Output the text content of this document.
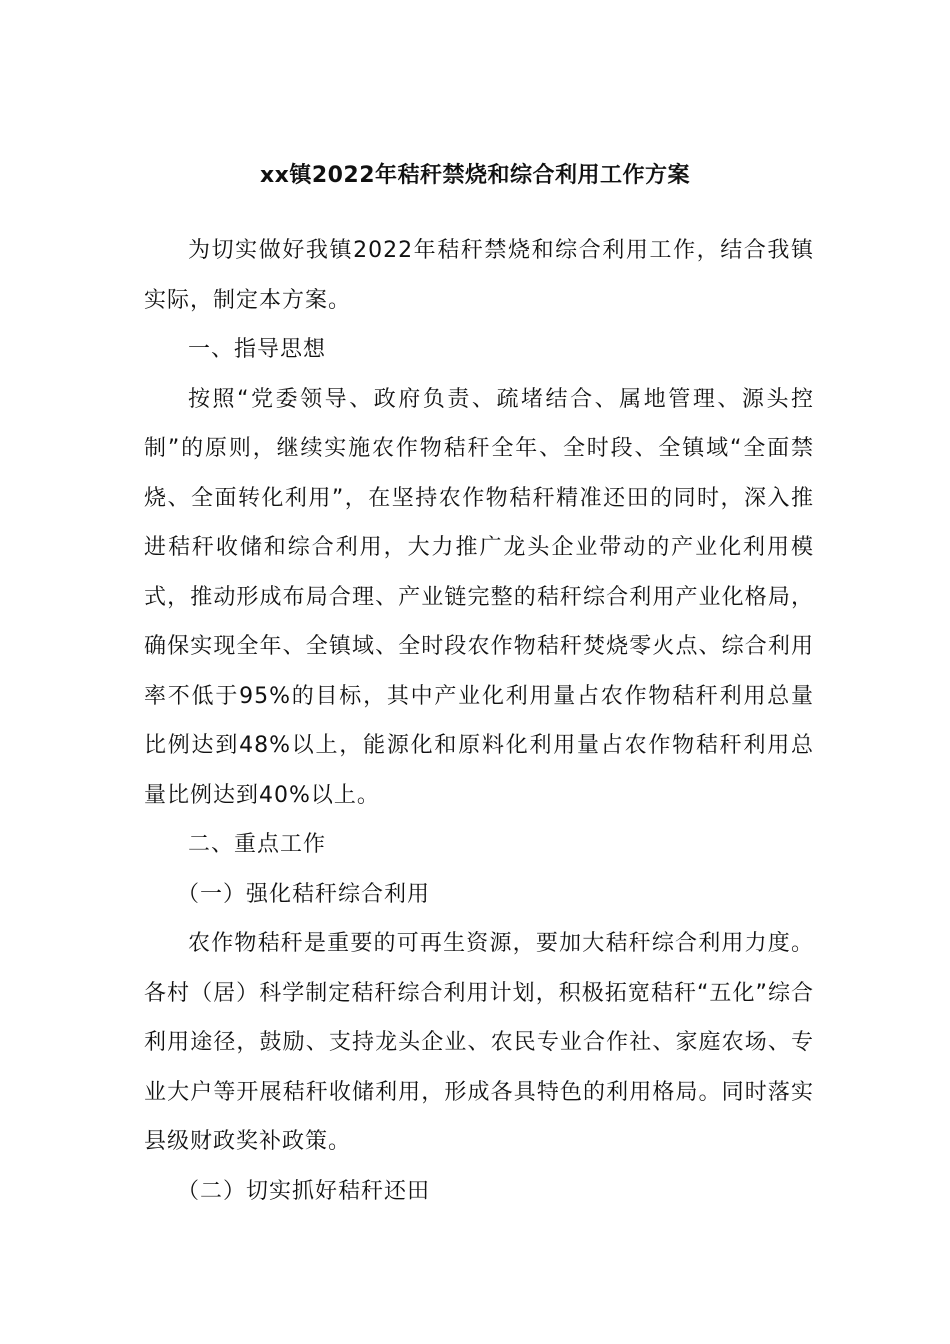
xx镇2022年秸秆禁烧和综合利用工作方案

为切实做好我镇2022年秸秆禁烧和综合利用工作，结合我镇实际，制定本方案。

一、指导思想

按照“党委领导、政府负责、疏堵结合、属地管理、源头控制”的原则，继续实施农作物秸秆全年、全时段、全镇域“全面禁烧、全面转化利用”，在坚持农作物秸秆精准还田的同时，深入推进秸秆收储和综合利用，大力推广龙头企业带动的产业化利用模式，推动形成布局合理、产业链完整的秸秆综合利用产业化格局，确保实现全年、全镇域、全时段农作物秸秆焚烧零火点、综合利用率不低于95%的目标，其中产业化利用量占农作物秸秆利用总量比例达到48%以上，能源化和原料化利用量占农作物秸秆利用总量比例达到40%以上。

二、重点工作

（一）强化秸秆综合利用

农作物秸秆是重要的可再生资源，要加大秸秆综合利用力度。各村（居）科学制定秸秆综合利用计划，积极拓宽秸秆“五化”综合利用途径，鼓励、支持龙头企业、农民专业合作社、家庭农场、专业大户等开展秸秆收储利用，形成各具特色的利用格局。同时落实县级财政奖补政策。

（二）切实抓好秸秆还田
